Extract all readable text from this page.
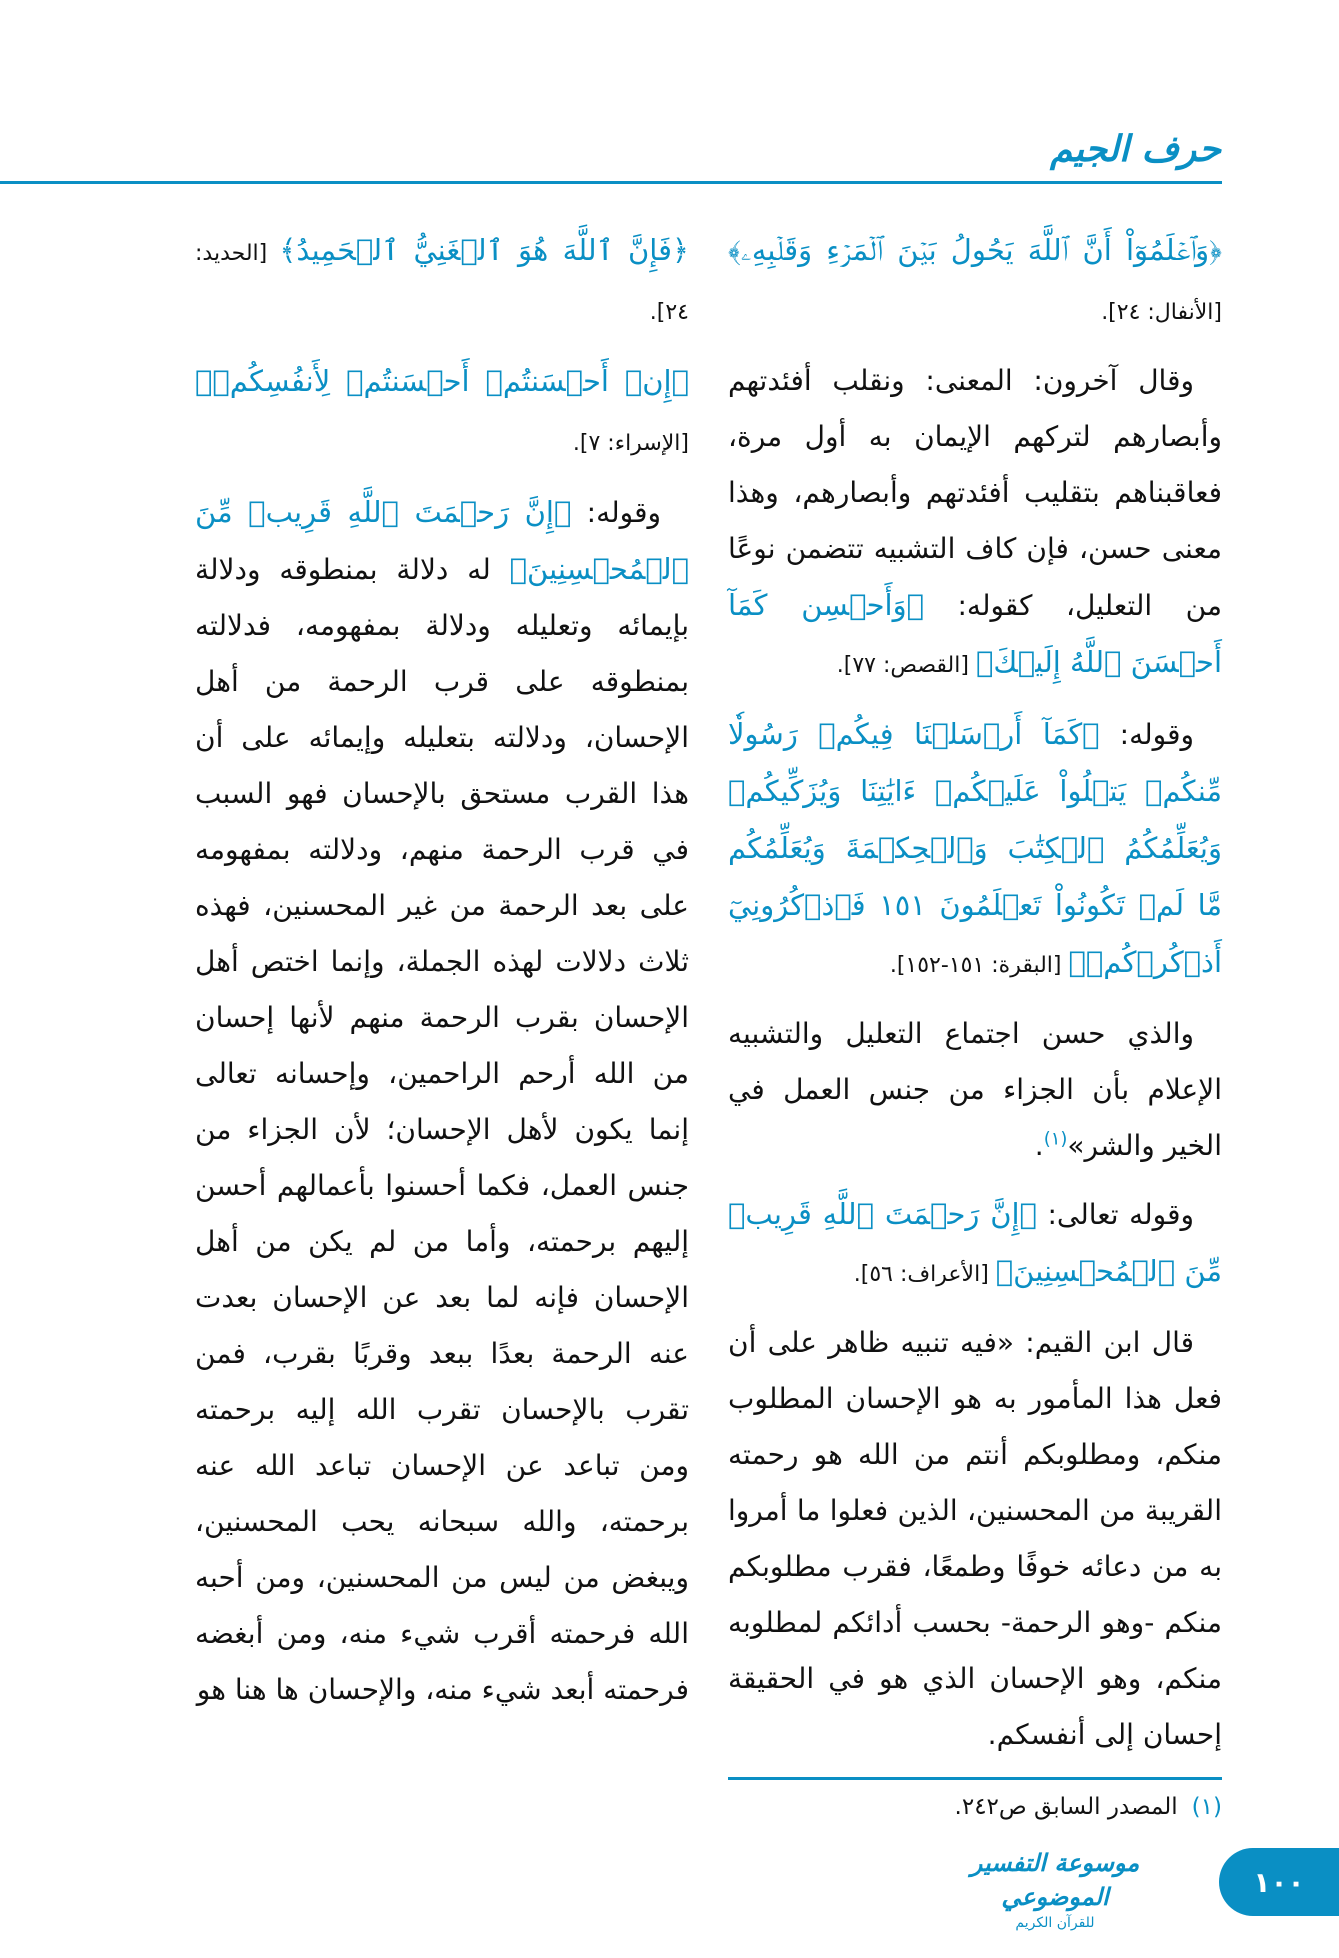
حرف الجيم

﴿وَٱعۡلَمُوٓاْ أَنَّ ٱللَّهَ يَحُولُ بَيۡنَ ٱلۡمَرۡءِ وَقَلۡبِهِۦ﴾ [الأنفال: ٢٤].

وقال آخرون: المعنى: ونقلب أفئدتهم وأبصارهم لتركهم الإيمان به أول مرة، فعاقبناهم بتقليب أفئدتهم وأبصارهم، وهذا معنى حسن، فإن كاف التشبيه تتضمن نوعًا من التعليل، كقوله: ﴿وَأَحۡسِن كَمَآ أَحۡسَنَ ٱللَّهُ إِلَيۡكَ﴾ [القصص: ٧٧].

وقوله: ﴿كَمَآ أَرۡسَلۡنَا فِيكُمۡ رَسُولٗا مِّنكُمۡ يَتۡلُواْ عَلَيۡكُمۡ ءَايَٰتِنَا وَيُزَكِّيكُمۡ وَيُعَلِّمُكُمُ ٱلۡكِتَٰبَ وَٱلۡحِكۡمَةَ وَيُعَلِّمُكُم مَّا لَمۡ تَكُونُواْ تَعۡلَمُونَ ١٥١ فَٱذۡكُرُونِيٓ أَذۡكُرۡكُمۡ﴾ [البقرة: ١٥١-١٥٢].

والذي حسن اجتماع التعليل والتشبيه الإعلام بأن الجزاء من جنس العمل في الخير والشر»$^{(١)}$.

وقوله تعالى: ﴿إِنَّ رَحۡمَتَ ٱللَّهِ قَرِيبٞ مِّنَ ٱلۡمُحۡسِنِينَ﴾ [الأعراف: ٥٦].

قال ابن القيم: «فيه تنبيه ظاهر على أن فعل هذا المأمور به هو الإحسان المطلوب منكم، ومطلوبكم أنتم من الله هو رحمته القريبة من المحسنين، الذين فعلوا ما أمروا به من دعائه خوفًا وطمعًا، فقرب مطلوبكم منكم -وهو الرحمة- بحسب أدائكم لمطلوبه منكم، وهو الإحسان الذي هو في الحقيقة إحسان إلى أنفسكم.

(١)المصدر السابق ص٢٤٢.

﴿فَإِنَّ ٱللَّهَ هُوَ ٱلۡغَنِيُّ ٱلۡحَمِيدُ﴾ [الحديد: ٢٤].

﴿إِنۡ أَحۡسَنتُمۡ أَحۡسَنتُمۡ لِأَنفُسِكُمۡ﴾ [الإسراء: ٧].

وقوله: ﴿إِنَّ رَحۡمَتَ ٱللَّهِ قَرِيبٞ مِّنَ ٱلۡمُحۡسِنِينَ﴾ له دلالة بمنطوقه ودلالة بإيمائه وتعليله ودلالة بمفهومه، فدلالته بمنطوقه على قرب الرحمة من أهل الإحسان، ودلالته بتعليله وإيمائه على أن هذا القرب مستحق بالإحسان فهو السبب في قرب الرحمة منهم، ودلالته بمفهومه على بعد الرحمة من غير المحسنين، فهذه ثلاث دلالات لهذه الجملة، وإنما اختص أهل الإحسان بقرب الرحمة منهم لأنها إحسان من الله أرحم الراحمين، وإحسانه تعالى إنما يكون لأهل الإحسان؛ لأن الجزاء من جنس العمل، فكما أحسنوا بأعمالهم أحسن إليهم برحمته، وأما من لم يكن من أهل الإحسان فإنه لما بعد عن الإحسان بعدت عنه الرحمة بعدًا ببعد وقربًا بقرب، فمن تقرب بالإحسان تقرب الله إليه برحمته ومن تباعد عن الإحسان تباعد الله عنه برحمته، والله سبحانه يحب المحسنين، ويبغض من ليس من المحسنين، ومن أحبه الله فرحمته أقرب شيء منه، ومن أبغضه فرحمته أبعد شيء منه، والإحسان ها هنا هو

موسوعة التفسير الموضوعي
للقرآن الكريم
١٠٠
